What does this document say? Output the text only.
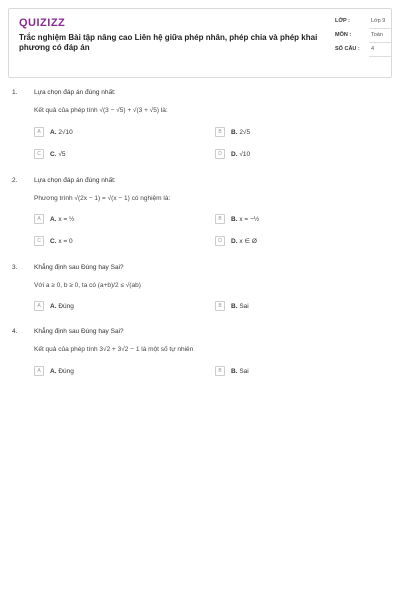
QUIZIZZ
Trắc nghiệm Bài tập nâng cao Liên hệ giữa phép nhân, phép chia và phép khai phương có đáp án
LỚP :	Lớp 9
MÔN :	Toán
SỐ CÂU :	4
1.	Lựa chọn đáp án đúng nhất:
Kết quả của phép tính √(3 − √5) + √(3 + √5) là:
A	A. 2√10	B	B. 2√5
C	C. √5	D	D. √10
2.	Lựa chọn đáp án đúng nhất:
Phương trình √(2x − 1) = √(x − 1) có nghiệm là:
A	A. x = ½	B	B. x = −½
C	C. x = 0	D	D. x ∈ Ø
3.	Khẳng định sau Đúng hay Sai?
Với a ≥ 0, b ≥ 0, ta có (a+b)/2 ≤ √(ab)
A	A. Đúng	B	B. Sai
4.	Khẳng định sau Đúng hay Sai?
Kết quả của phép tính 3√2 + 3√2 − 1 là một số tự nhiên
A	A. Đúng	B	B. Sai
